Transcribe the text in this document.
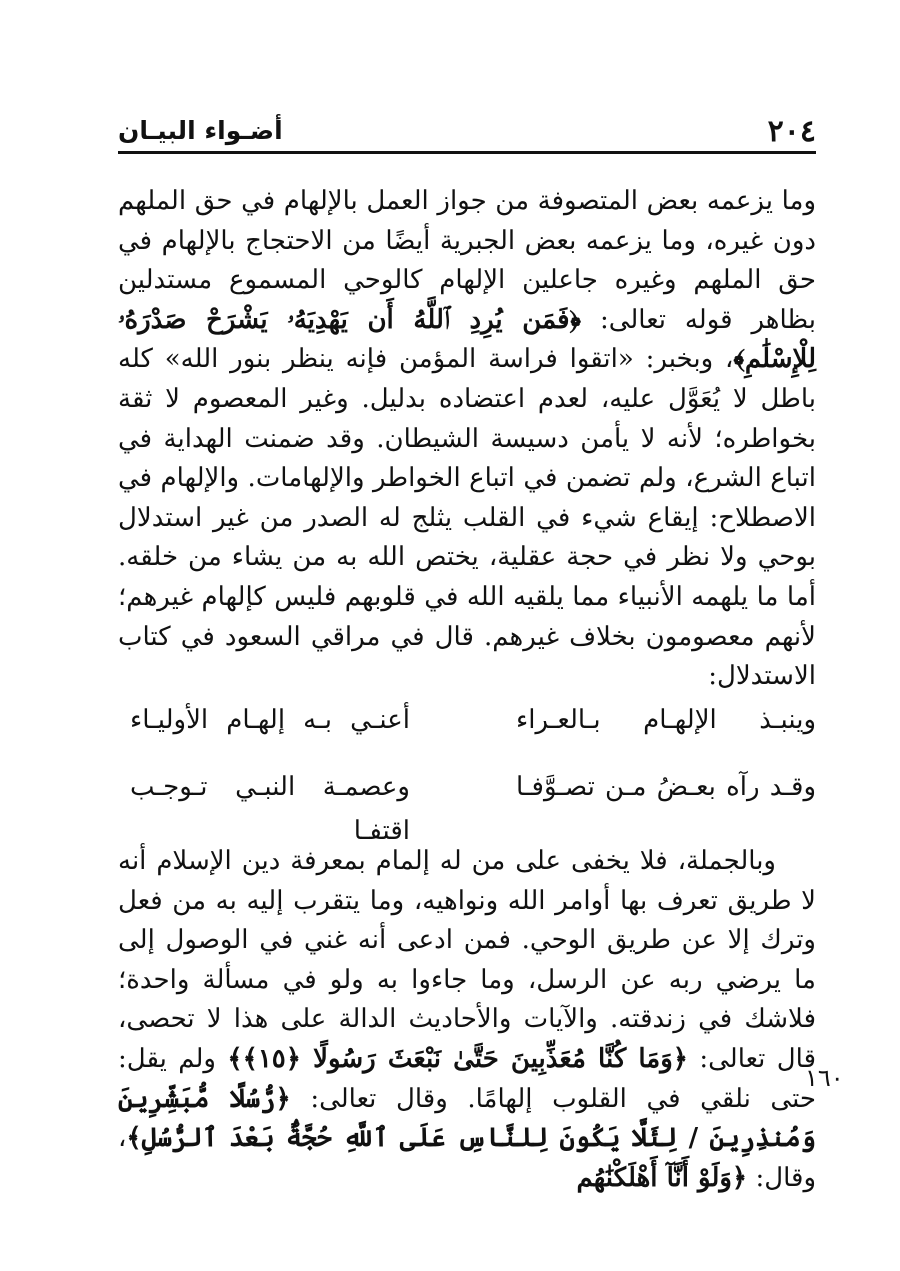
٢٠٤
أضـواء البيـان
وما يزعمه بعض المتصوفة من جواز العمل بالإلهام في حق الملهم دون غيره، وما يزعمه بعض الجبرية أيضًا من الاحتجاج بالإلهام في حق الملهم وغيره جاعلين الإلهام كالوحي المسموع مستدلين بظاهر قوله تعالى: ﴿فَمَن يُرِدِ ٱللَّهُ أَن يَهْدِيَهُۥ يَشْرَحْ صَدْرَهُۥ لِلْإِسْلَٰمِ﴾، وبخبر: «اتقوا فراسة المؤمن فإنه ينظر بنور الله» كله باطل لا يُعَوَّل عليه، لعدم اعتضاده بدليل. وغير المعصوم لا ثقة بخواطره؛ لأنه لا يأمن دسيسة الشيطان. وقد ضمنت الهداية في اتباع الشرع، ولم تضمن في اتباع الخواطر والإلهامات. والإلهام في الاصطلاح: إيقاع شيء في القلب يثلج له الصدر من غير استدلال بوحي ولا نظر في حجة عقلية، يختص الله به من يشاء من خلقه. أما ما يلهمه الأنبياء مما يلقيه الله في قلوبهم فليس كإلهام غيرهم؛ لأنهم معصومون بخلاف غيرهم. قال في مراقي السعود في كتاب الاستدلال:
وينبـذ الإلهـام بـالعـراء
أعنـي بـه إلهـام الأوليـاء
وقـد رآه بعـضُ مـن تصـوَّفـا
وعصمـة النبـي تـوجـب اقتفـا
وبالجملة، فلا يخفى على من له إلمام بمعرفة دين الإسلام أنه لا طريق تعرف بها أوامر الله ونواهيه، وما يتقرب إليه به من فعل وترك إلا عن طريق الوحي. فمن ادعى أنه غني في الوصول إلى ما يرضي ربه عن الرسل، وما جاءوا به ولو في مسألة واحدة؛ فلاشك في زندقته. والآيات والأحاديث الدالة على هذا لا تحصى، قال تعالى: ﴿وَمَا كُنَّا مُعَذِّبِينَ حَتَّىٰ نَبْعَثَ رَسُولًا ﴿١٥﴾﴾ ولم يقل: حتى نلقي في القلوب إلهامًا. وقال تعالى: ﴿رُّسُلًا مُّبَشِّرِينَ وَمُنذِرِينَ / لِئَلَّا يَكُونَ لِلنَّاسِ عَلَى ٱللَّهِ حُجَّةٌۢ بَعْدَ ٱلرُّسُلِ﴾، وقال: ﴿وَلَوْ أَنَّآ أَهْلَكْنَٰهُم
١٦٠
